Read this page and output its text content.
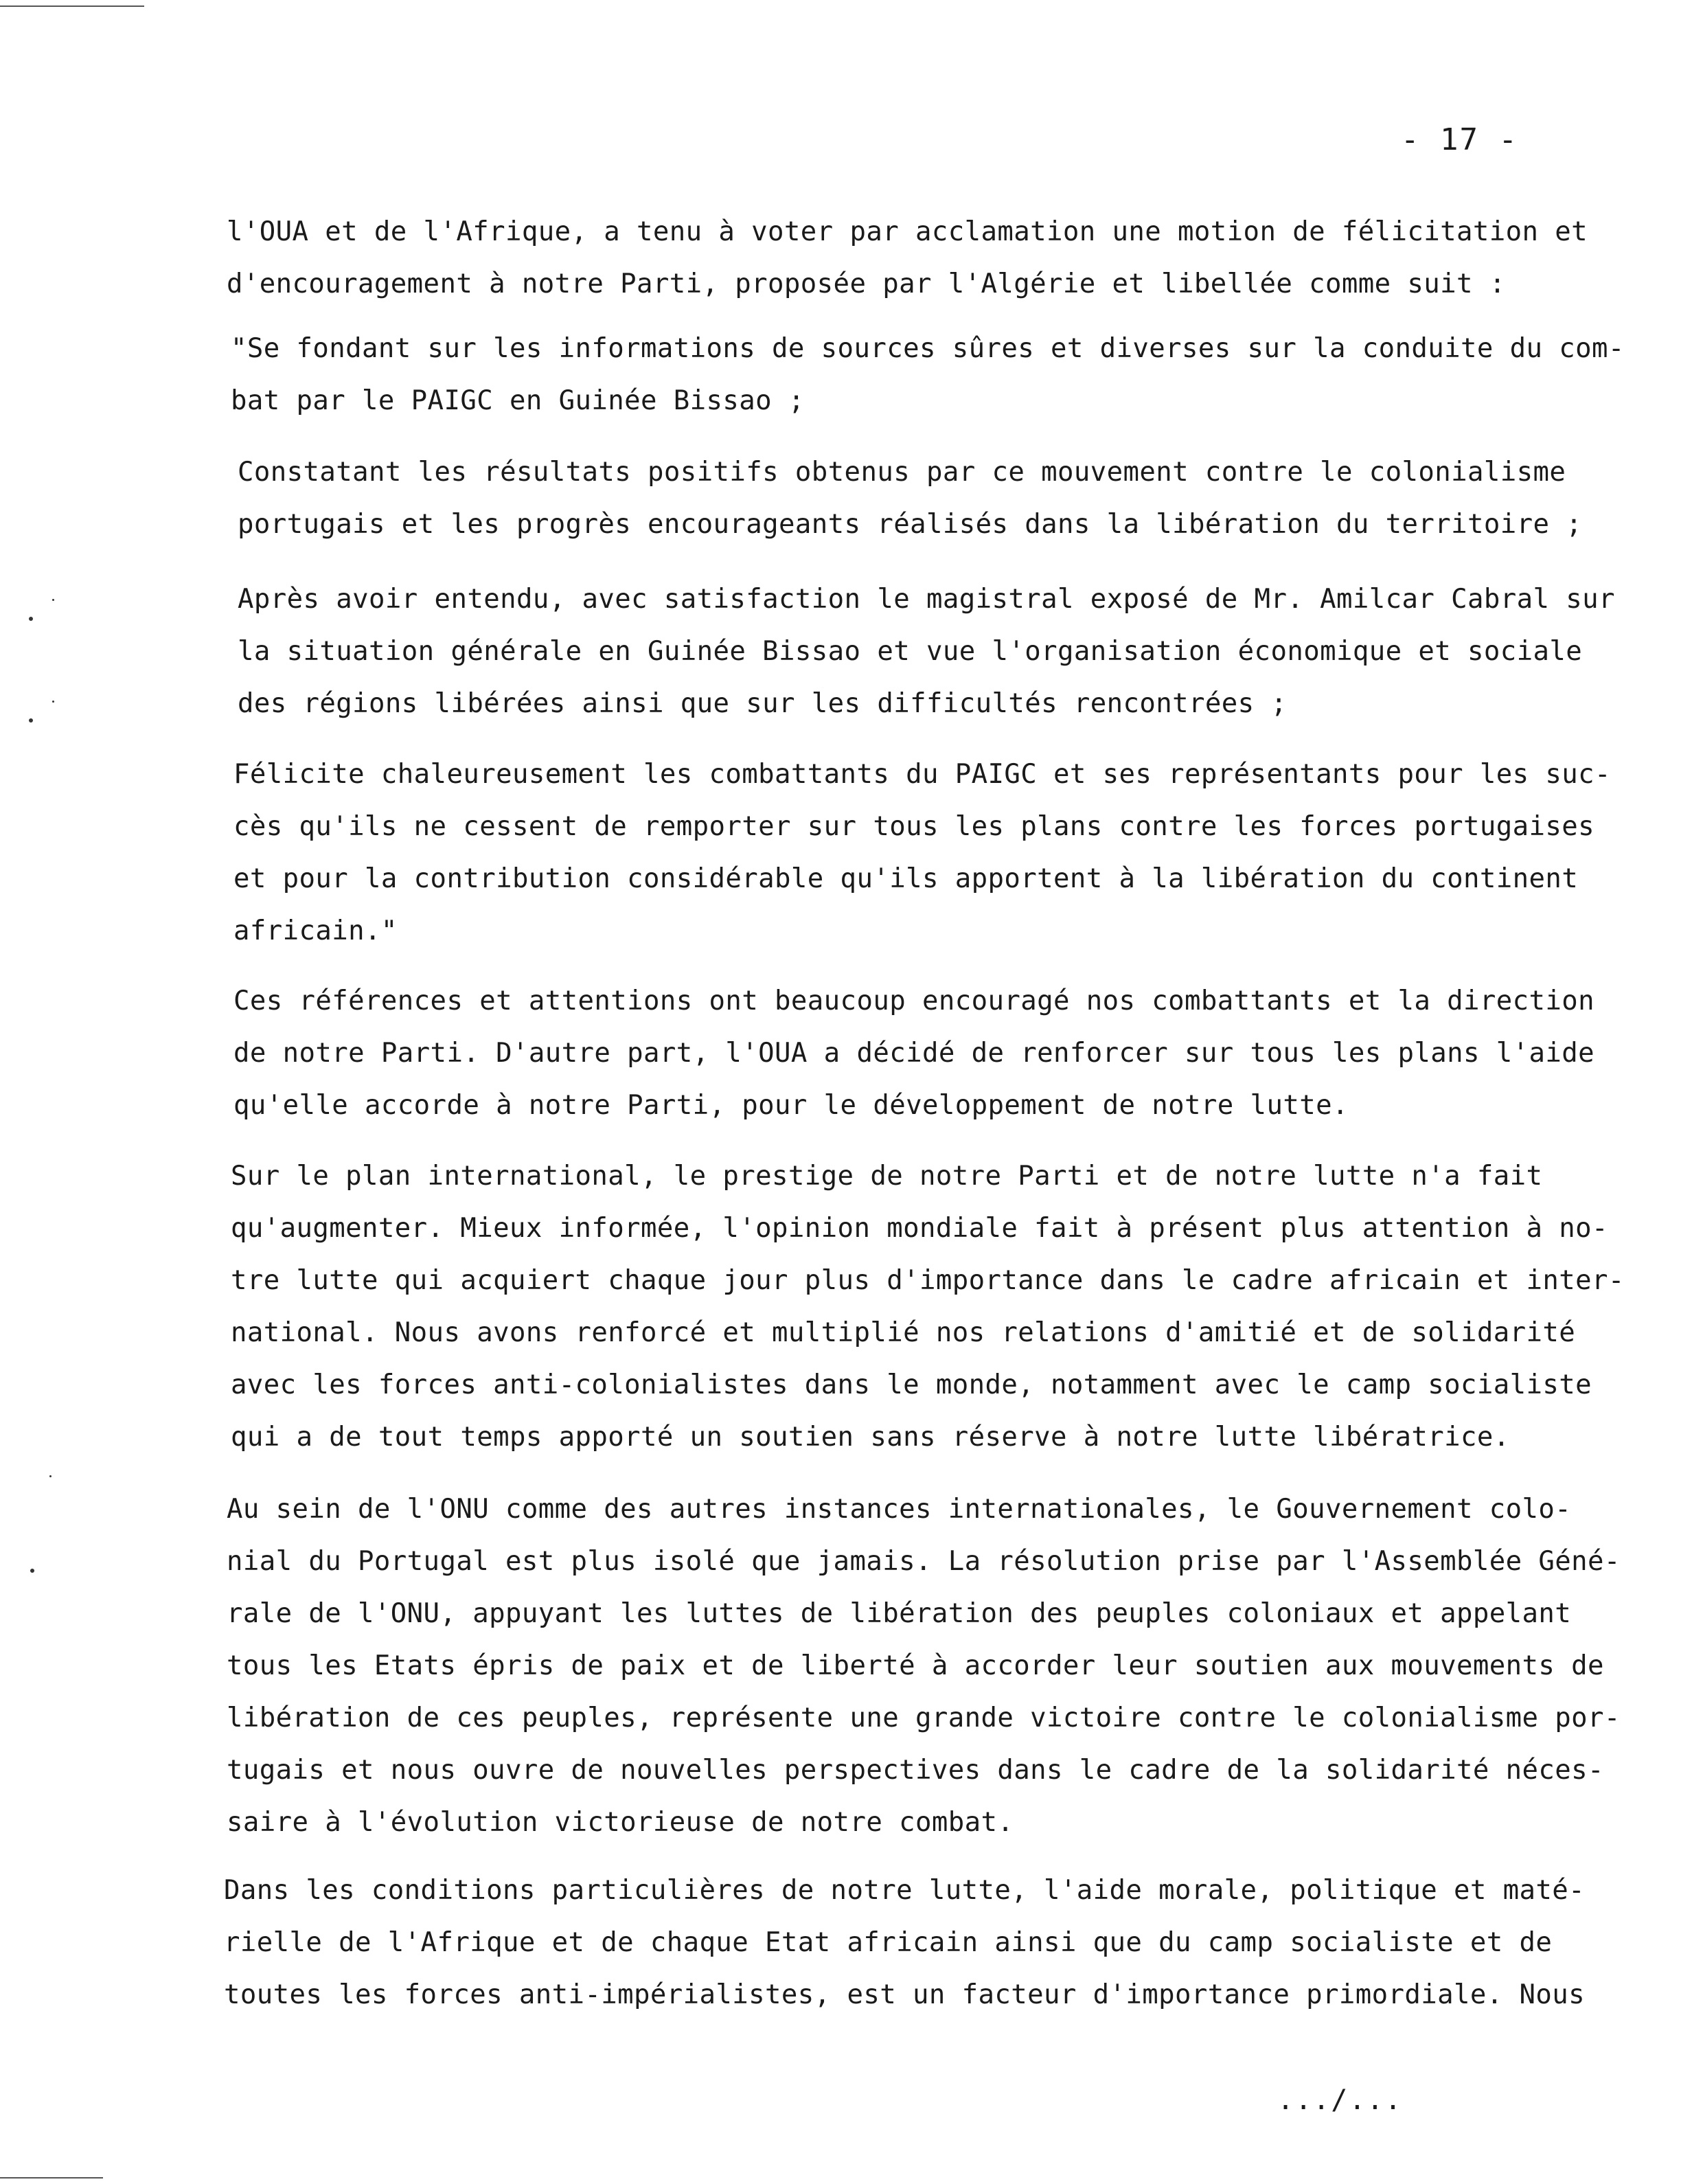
- 17 -
l'OUA et de l'Afrique, a tenu à voter par acclamation une motion de félicitation et
d'encouragement à notre Parti, proposée par l'Algérie et libellée comme suit :
"Se fondant sur les informations de sources sûres et diverses sur la conduite du com-
bat par le PAIGC en Guinée Bissao ;
Constatant les résultats positifs obtenus par ce mouvement contre le colonialisme
portugais et les progrès encourageants réalisés dans la libération du territoire ;
Après avoir entendu, avec satisfaction le magistral exposé de Mr. Amilcar Cabral sur
la situation générale en Guinée Bissao et vue l'organisation économique et sociale
des régions libérées ainsi que sur les difficultés rencontrées ;
Félicite chaleureusement les combattants du PAIGC et ses représentants pour les suc-
cès qu'ils ne cessent de remporter sur tous les plans contre les forces portugaises
et pour la contribution considérable qu'ils apportent à la libération du continent
africain."
Ces références et attentions ont beaucoup encouragé nos combattants et la direction
de notre Parti. D'autre part, l'OUA a décidé de renforcer sur tous les plans l'aide
qu'elle accorde à notre Parti, pour le développement de notre lutte.
Sur le plan international, le prestige de notre Parti et de notre lutte n'a fait
qu'augmenter. Mieux informée, l'opinion mondiale fait à présent plus attention à no-
tre lutte qui acquiert chaque jour plus d'importance dans le cadre africain et inter-
national. Nous avons renforcé et multiplié nos relations d'amitié et de solidarité
avec les forces anti-colonialistes dans le monde, notamment avec le camp socialiste
qui a de tout temps apporté un soutien sans réserve à notre lutte libératrice.
Au sein de l'ONU comme des autres instances internationales, le Gouvernement colo-
nial du Portugal est plus isolé que jamais. La résolution prise par l'Assemblée Géné-
rale de l'ONU, appuyant les luttes de libération des peuples coloniaux et appelant
tous les Etats épris de paix et de liberté à accorder leur soutien aux mouvements de
libération de ces peuples, représente une grande victoire contre le colonialisme por-
tugais et nous ouvre de nouvelles perspectives dans le cadre de la solidarité néces-
saire à l'évolution victorieuse de notre combat.
Dans les conditions particulières de notre lutte, l'aide morale, politique et maté-
rielle de l'Afrique et de chaque Etat africain ainsi que du camp socialiste et de
toutes les forces anti-impérialistes, est un facteur d'importance primordiale. Nous
.../...
